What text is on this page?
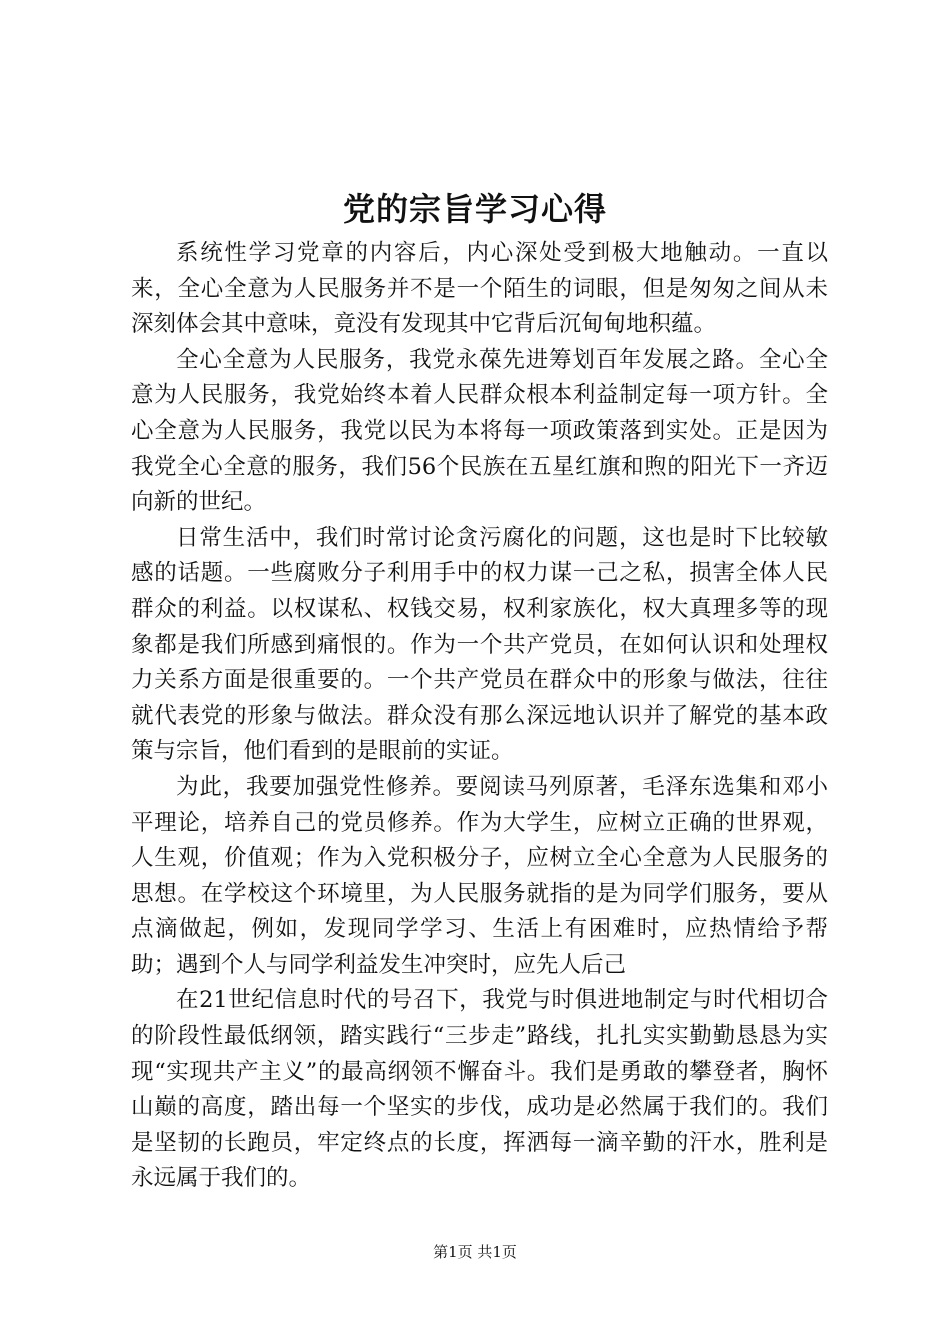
党的宗旨学习心得

系统性学习党章的内容后，内心深处受到极大地触动。一直以来，全心全意为人民服务并不是一个陌生的词眼，但是匆匆之间从未深刻体会其中意味，竟没有发现其中它背后沉甸甸地积蕴。

全心全意为人民服务，我党永葆先进筹划百年发展之路。全心全意为人民服务，我党始终本着人民群众根本利益制定每一项方针。全心全意为人民服务，我党以民为本将每一项政策落到实处。正是因为我党全心全意的服务，我们56个民族在五星红旗和煦的阳光下一齐迈向新的世纪。

日常生活中，我们时常讨论贪污腐化的问题，这也是时下比较敏感的话题。一些腐败分子利用手中的权力谋一己之私，损害全体人民群众的利益。以权谋私、权钱交易，权利家族化，权大真理多等的现象都是我们所感到痛恨的。作为一个共产党员，在如何认识和处理权力关系方面是很重要的。一个共产党员在群众中的形象与做法，往往就代表党的形象与做法。群众没有那么深远地认识并了解党的基本政策与宗旨，他们看到的是眼前的实证。

为此，我要加强党性修养。要阅读马列原著，毛泽东选集和邓小平理论，培养自己的党员修养。作为大学生，应树立正确的世界观，人生观，价值观；作为入党积极分子，应树立全心全意为人民服务的思想。在学校这个环境里，为人民服务就指的是为同学们服务，要从点滴做起，例如，发现同学学习、生活上有困难时，应热情给予帮助；遇到个人与同学利益发生冲突时，应先人后己

在21世纪信息时代的号召下，我党与时俱进地制定与时代相切合的阶段性最低纲领，踏实践行“三步走”路线，扎扎实实勤勤恳恳为实现“实现共产主义”的最高纲领不懈奋斗。我们是勇敢的攀登者，胸怀山巅的高度，踏出每一个坚实的步伐，成功是必然属于我们的。我们是坚韧的长跑员，牢定终点的长度，挥洒每一滴辛勤的汗水，胜利是永远属于我们的。

第1页 共1页
